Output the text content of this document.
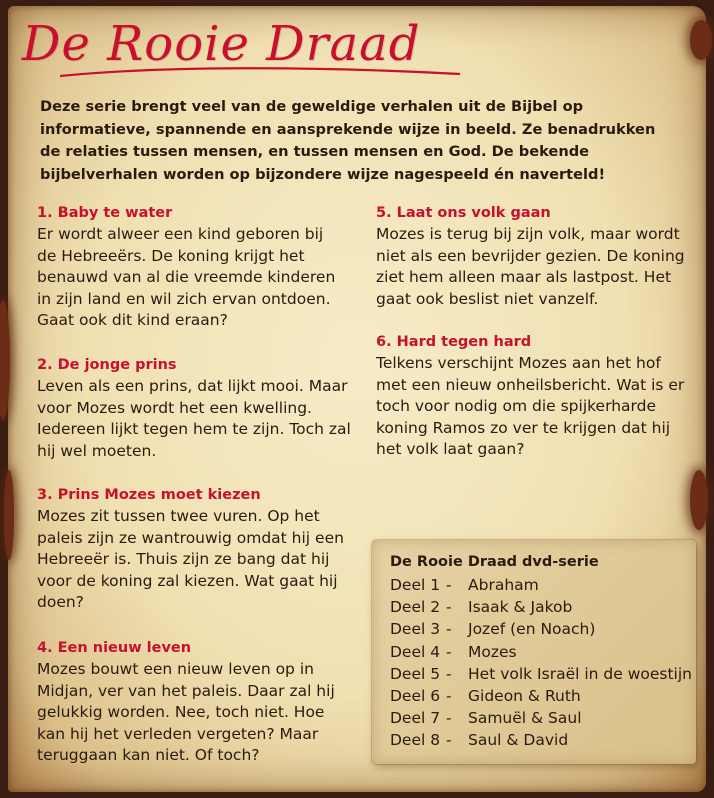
De Rooie Draad
Deze serie brengt veel van de geweldige verhalen uit de Bijbel op informatieve, spannende en aansprekende wijze in beeld. Ze benadrukken de relaties tussen mensen, en tussen mensen en God. De bekende bijbelverhalen worden op bijzondere wijze nagespeeld én naverteld!
1. Baby te water

Er wordt alweer een kind geboren bij de Hebreeërs. De koning krijgt het benauwd van al die vreemde kinderen in zijn land en wil zich ervan ontdoen. Gaat ook dit kind eraan?

2. De jonge prins

Leven als een prins, dat lijkt mooi. Maar voor Mozes wordt het een kwelling. Iedereen lijkt tegen hem te zijn. Toch zal hij wel moeten.

3. Prins Mozes moet kiezen

Mozes zit tussen twee vuren. Op het paleis zijn ze wantrouwig omdat hij een Hebreeër is. Thuis zijn ze bang dat hij voor de koning zal kiezen. Wat gaat hij doen?

4. Een nieuw leven

Mozes bouwt een nieuw leven op in Midjan, ver van het paleis. Daar zal hij gelukkig worden. Nee, toch niet. Hoe kan hij het verleden vergeten? Maar teruggaan kan niet. Of toch?

5. Laat ons volk gaan

Mozes is terug bij zijn volk, maar wordt niet als een bevrijder gezien. De koning ziet hem alleen maar als lastpost. Het gaat ook beslist niet vanzelf.

6. Hard tegen hard

Telkens verschijnt Mozes aan het hof met een nieuw onheilsbericht. Wat is er toch voor nodig om die spijkerharde koning Ramos zo ver te krijgen dat hij het volk laat gaan?

De Rooie Draad dvd-serie
Deel 1 -	Abraham
Deel 2 -	Isaak & Jakob
Deel 3 -	Jozef (en Noach)
Deel 4 -	Mozes
Deel 5 -	Het volk Israël in de woestijn
Deel 6 -	Gideon & Ruth
Deel 7 -	Samuël & Saul
Deel 8 -	Saul & David
